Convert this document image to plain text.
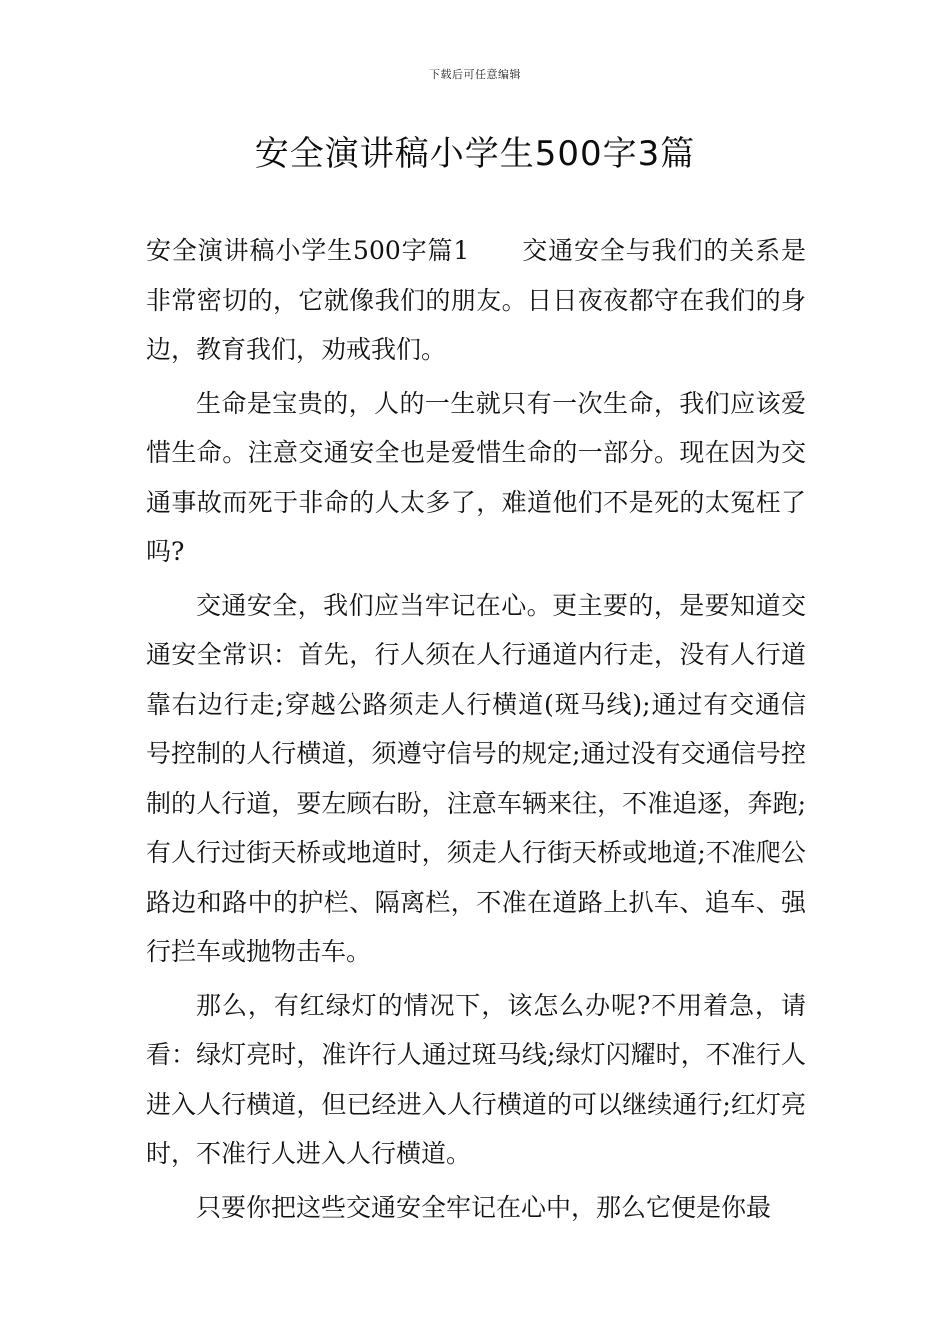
下载后可任意编辑
安全演讲稿小学生500字3篇

安全演讲稿小学生500字篇1 交通安全与我们的关系是非常密切的，它就像我们的朋友。日日夜夜都守在我们的身边，教育我们，劝戒我们。

生命是宝贵的，人的一生就只有一次生命，我们应该爱惜生命。注意交通安全也是爱惜生命的一部分。现在因为交通事故而死于非命的人太多了，难道他们不是死的太冤枉了吗?

交通安全，我们应当牢记在心。更主要的，是要知道交通安全常识：首先，行人须在人行通道内行走，没有人行道靠右边行走;穿越公路须走人行横道(斑马线);通过有交通信号控制的人行横道，须遵守信号的规定;通过没有交通信号控制的人行道，要左顾右盼，注意车辆来往，不准追逐，奔跑;有人行过街天桥或地道时，须走人行街天桥或地道;不准爬公路边和路中的护栏、隔离栏，不准在道路上扒车、追车、强行拦车或抛物击车。

那么，有红绿灯的情况下，该怎么办呢?不用着急，请看：绿灯亮时，准许行人通过斑马线;绿灯闪耀时，不准行人进入人行横道，但已经进入人行横道的可以继续通行;红灯亮时，不准行人进入人行横道。

只要你把这些交通安全牢记在心中，那么它便是你最
